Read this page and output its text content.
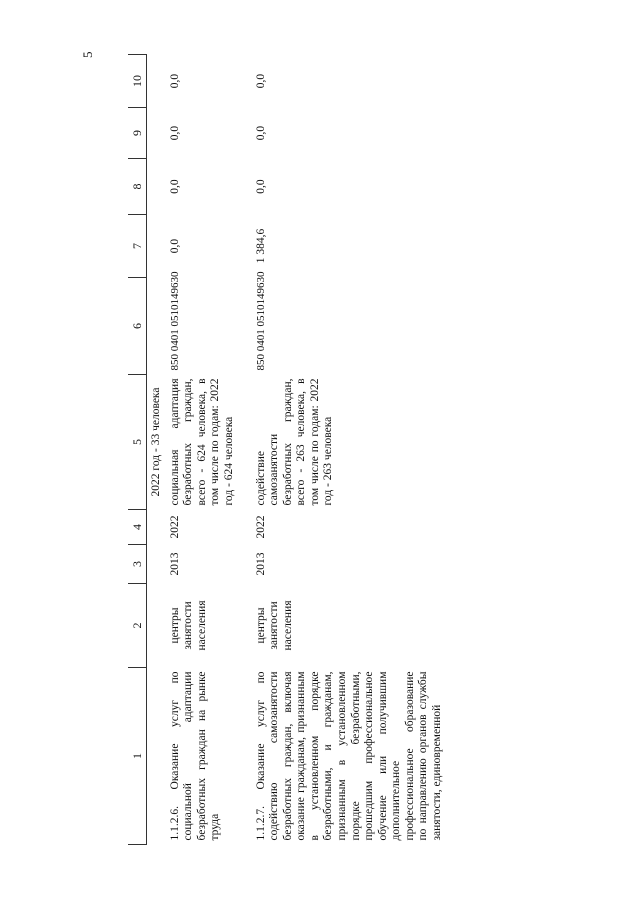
5
1	2	3	4	5	6	7	8	9	10
				2022 год - 33 человека					
1.1.2.6. Оказание услуг по социальной адаптации безработных граждан на рынке труда	центры занятости населения	2013	2022	социальная адаптация безработных граждан, всего - 624 человека, в том числе по годам: 2022 год - 624 человека	850 0401 0510149630	0,0	0,0	0,0	0,0
1.1.2.7. Оказание услуг по содействию самозанятости безработных граждан, включая оказание гражданам, признанным в установленном порядке безработными, и гражданам, признанным в установленном порядке безработными, прошедшим профессиональное обучение или получившим дополнительное профессиональное образование по направлению органов службы занятости, единовременной	центры занятости населения	2013	2022	содействие самозанятости безработных граждан, всего - 263 человека, в том числе по годам: 2022 год - 263 человека	850 0401 0510149630	1 384,6	0,0	0,0	0,0
